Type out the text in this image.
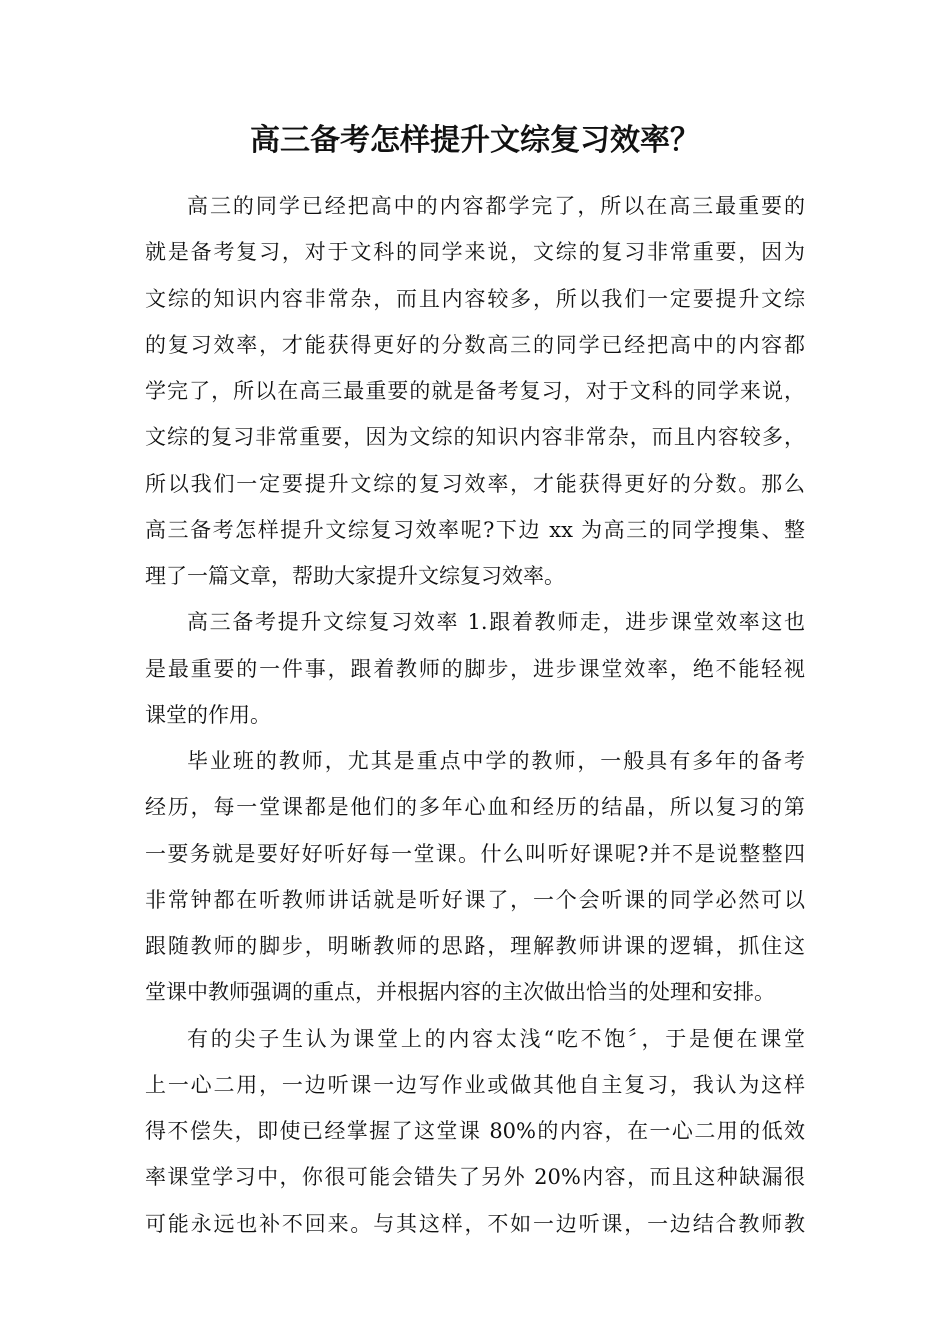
高三备考怎样提升文综复习效率？
高三的同学已经把高中的内容都学完了，所以在高三最重要的
就是备考复习，对于文科的同学来说，文综的复习非常重要，因为
文综的知识内容非常杂，而且内容较多，所以我们一定要提升文综
的复习效率，才能获得更好的分数高三的同学已经把高中的内容都
学完了，所以在高三最重要的就是备考复习，对于文科的同学来说，
文综的复习非常重要，因为文综的知识内容非常杂，而且内容较多，
所以我们一定要提升文综的复习效率，才能获得更好的分数。那么
高三备考怎样提升文综复习效率呢?下边 xx 为高三的同学搜集、整
理了一篇文章，帮助大家提升文综复习效率。
高三备考提升文综复习效率 1.跟着教师走，进步课堂效率这也
是最重要的一件事，跟着教师的脚步，进步课堂效率，绝不能轻视
课堂的作用。
毕业班的教师，尤其是重点中学的教师，一般具有多年的备考
经历，每一堂课都是他们的多年心血和经历的结晶，所以复习的第
一要务就是要好好听好每一堂课。什么叫听好课呢?并不是说整整四
非常钟都在听教师讲话就是听好课了，一个会听课的同学必然可以
跟随教师的脚步，明晰教师的思路，理解教师讲课的逻辑，抓住这
堂课中教师强调的重点，并根据内容的主次做出恰当的处理和安排。
有的尖子生认为课堂上的内容太浅“吃不饱〞，于是便在课堂
上一心二用，一边听课一边写作业或做其他自主复习，我认为这样
得不偿失，即使已经掌握了这堂课 80%的内容，在一心二用的低效
率课堂学习中，你很可能会错失了另外 20%内容，而且这种缺漏很
可能永远也补不回来。与其这样，不如一边听课，一边结合教师教
